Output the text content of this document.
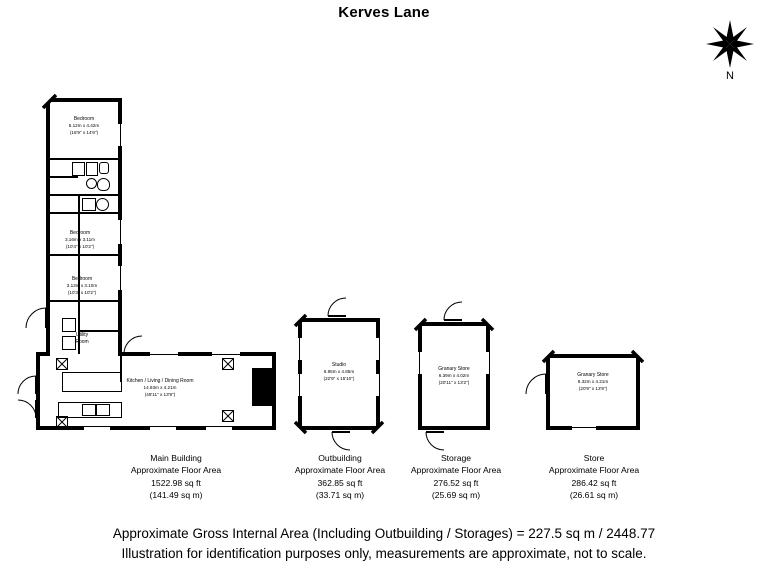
Kerves Lane
N
Bedroom
5.12m x 4.42m
(16'9" x 14'6")
Bedroom
3.16m x 3.11m
(10'4" x 10'2")
Bedroom
3.13m x 3.10m
(10'3" x 10'2")
Utility
Room
Kitchen / Living / Dining Room
14.93m x 4.21m
(48'11" x 13'9")
Main Building
Approximate Floor Area
1522.98 sq ft
(141.49 sq m)
Studio
6.95m x 4.85m
(22'9" x 15'10")
Outbuilding
Approximate Floor Area
362.85 sq ft
(33.71 sq m)
Granary Store
6.39m x 4.02m
(20'11" x 13'2")
Storage
Approximate Floor Area
276.52 sq ft
(25.69 sq m)
Granary Store
6.32m x 4.21m
(20'9" x 13'9")
Store
Approximate Floor Area
286.42 sq ft
(26.61 sq m)
Approximate Gross Internal Area (Including Outbuilding / Storages) = 227.5 sq m / 2448.77
Illustration for identification purposes only, measurements are approximate, not to scale.
